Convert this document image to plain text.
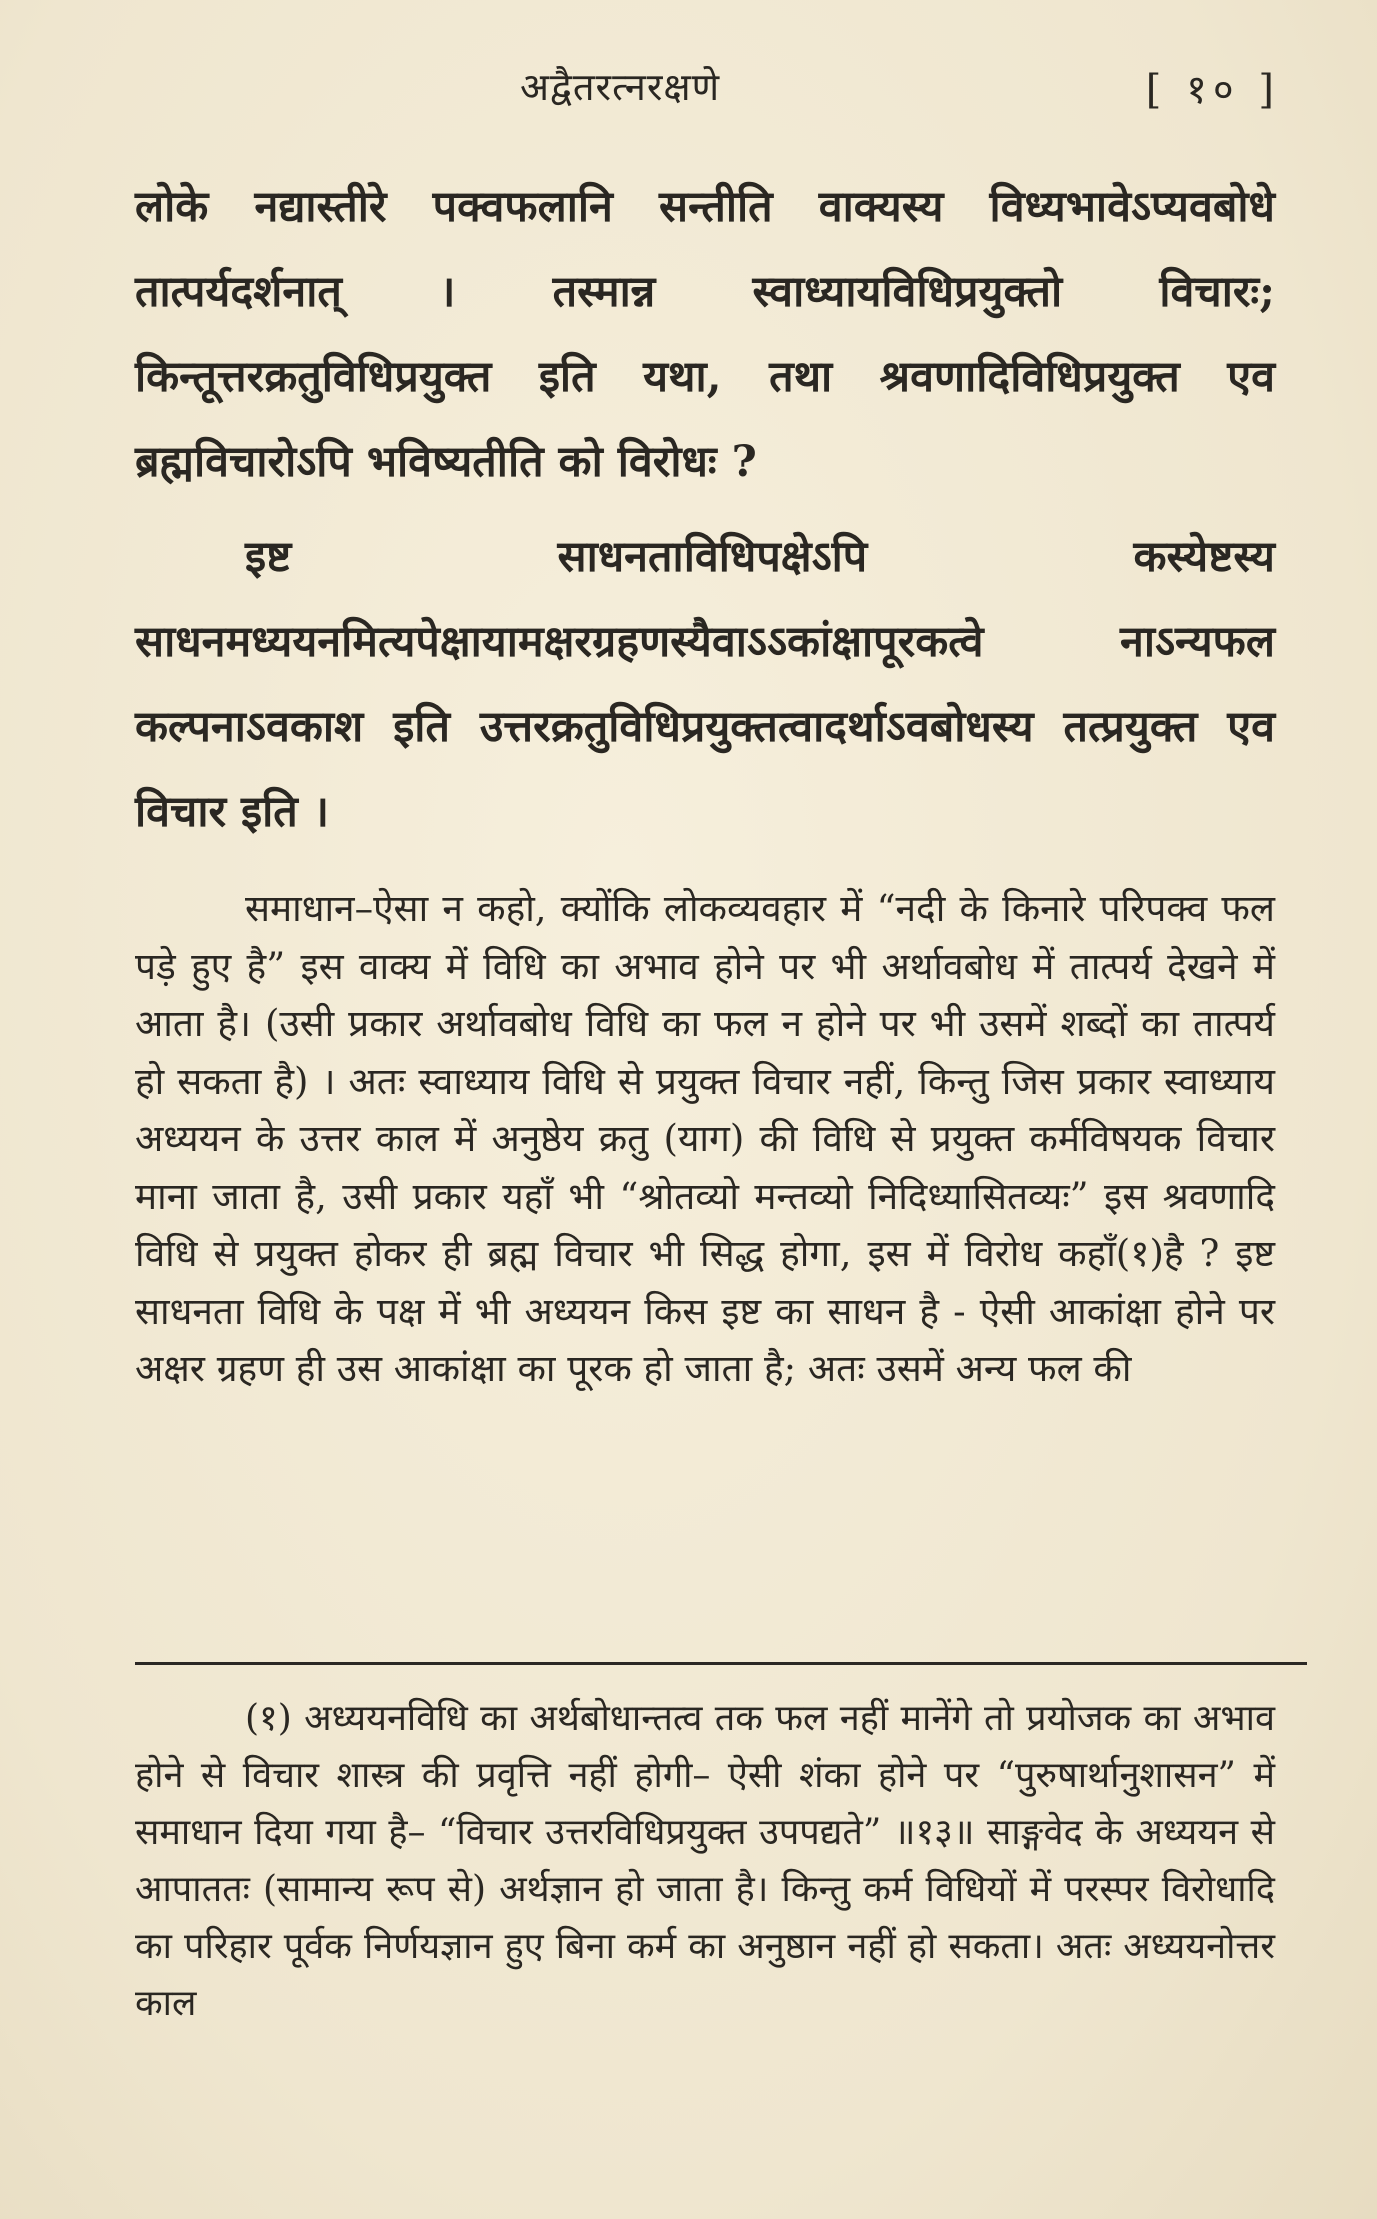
अद्वैतरत्नरक्षणे	[ १० ]

लोके नद्यास्तीरे पक्वफलानि सन्तीति वाक्यस्य विध्यभावेऽप्यवबोधे तात्पर्यदर्शनात् । तस्मान्न स्वाध्यायविधिप्रयुक्तो विचारः; किन्तूत्तरक्रतुविधिप्रयुक्त इति यथा, तथा श्रवणादिविधिप्रयुक्त एव ब्रह्मविचारोऽपि भविष्यतीति को विरोधः ?

इष्ट साधनताविधिपक्षेऽपि कस्येष्टस्य साधनमध्ययनमित्यपेक्षायामक्षरग्रहणस्यैवाऽऽकांक्षापूरकत्वे नाऽन्यफल कल्पनाऽवकाश इति उत्तरक्रतुविधिप्रयुक्तत्वादर्थाऽवबोधस्य तत्प्रयुक्त एव विचार इति ।

समाधान–ऐसा न कहो, क्योंकि लोकव्यवहार में “नदी के किनारे परिपक्व फल पड़े हुए है” इस वाक्य में विधि का अभाव होने पर भी अर्थावबोध में तात्पर्य देखने में आता है। (उसी प्रकार अर्थावबोध विधि का फल न होने पर भी उसमें शब्दों का तात्पर्य हो सकता है) । अतः स्वाध्याय विधि से प्रयुक्त विचार नहीं, किन्तु जिस प्रकार स्वाध्याय अध्ययन के उत्तर काल में अनुष्ठेय क्रतु (याग) की विधि से प्रयुक्त कर्मविषयक विचार माना जाता है, उसी प्रकार यहाँ भी “श्रोतव्यो मन्तव्यो निदिध्यासितव्यः” इस श्रवणादि विधि से प्रयुक्त होकर ही ब्रह्म विचार भी सिद्ध होगा, इस में विरोध कहाँ(१)है ? इष्ट साधनता विधि के पक्ष में भी अध्ययन किस इष्ट का साधन है - ऐसी आकांक्षा होने पर अक्षर ग्रहण ही उस आकांक्षा का पूरक हो जाता है; अतः उसमें अन्य फल की

(१) अध्ययनविधि का अर्थबोधान्तत्व तक फल नहीं मानेंगे तो प्रयोजक का अभाव होने से विचार शास्त्र की प्रवृत्ति नहीं होगी– ऐसी शंका होने पर “पुरुषार्थानुशासन” में समाधान दिया गया है– “विचार उत्तरविधिप्रयुक्त उपपद्यते” ॥१३॥ साङ्गवेद के अध्ययन से आपाततः (सामान्य रूप से) अर्थज्ञान हो जाता है। किन्तु कर्म विधियों में परस्पर विरोधादि का परिहार पूर्वक निर्णयज्ञान हुए बिना कर्म का अनुष्ठान नहीं हो सकता। अतः अध्ययनोत्तर काल
